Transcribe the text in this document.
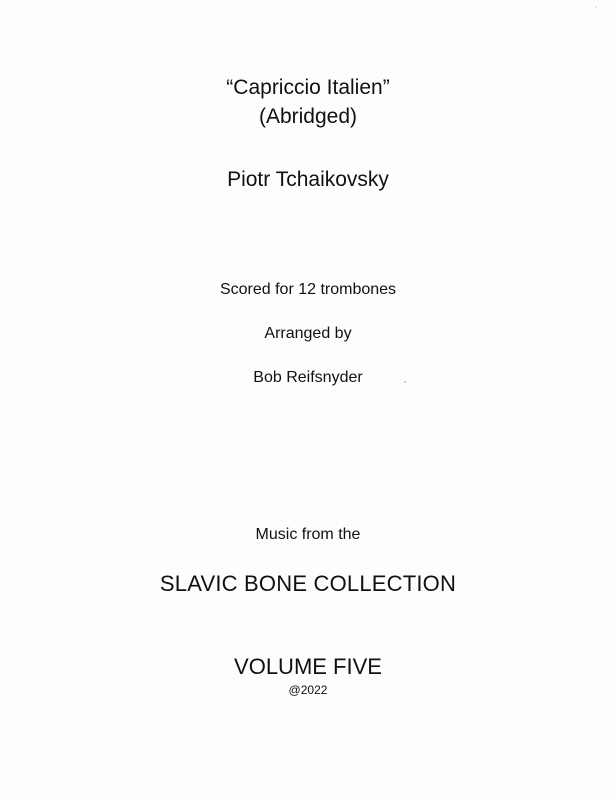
“Capriccio Italien”
(Abridged)
Piotr Tchaikovsky
Scored for 12 trombones
Arranged by
Bob Reifsnyder
Music from the
SLAVIC BONE COLLECTION
VOLUME FIVE
@2022
